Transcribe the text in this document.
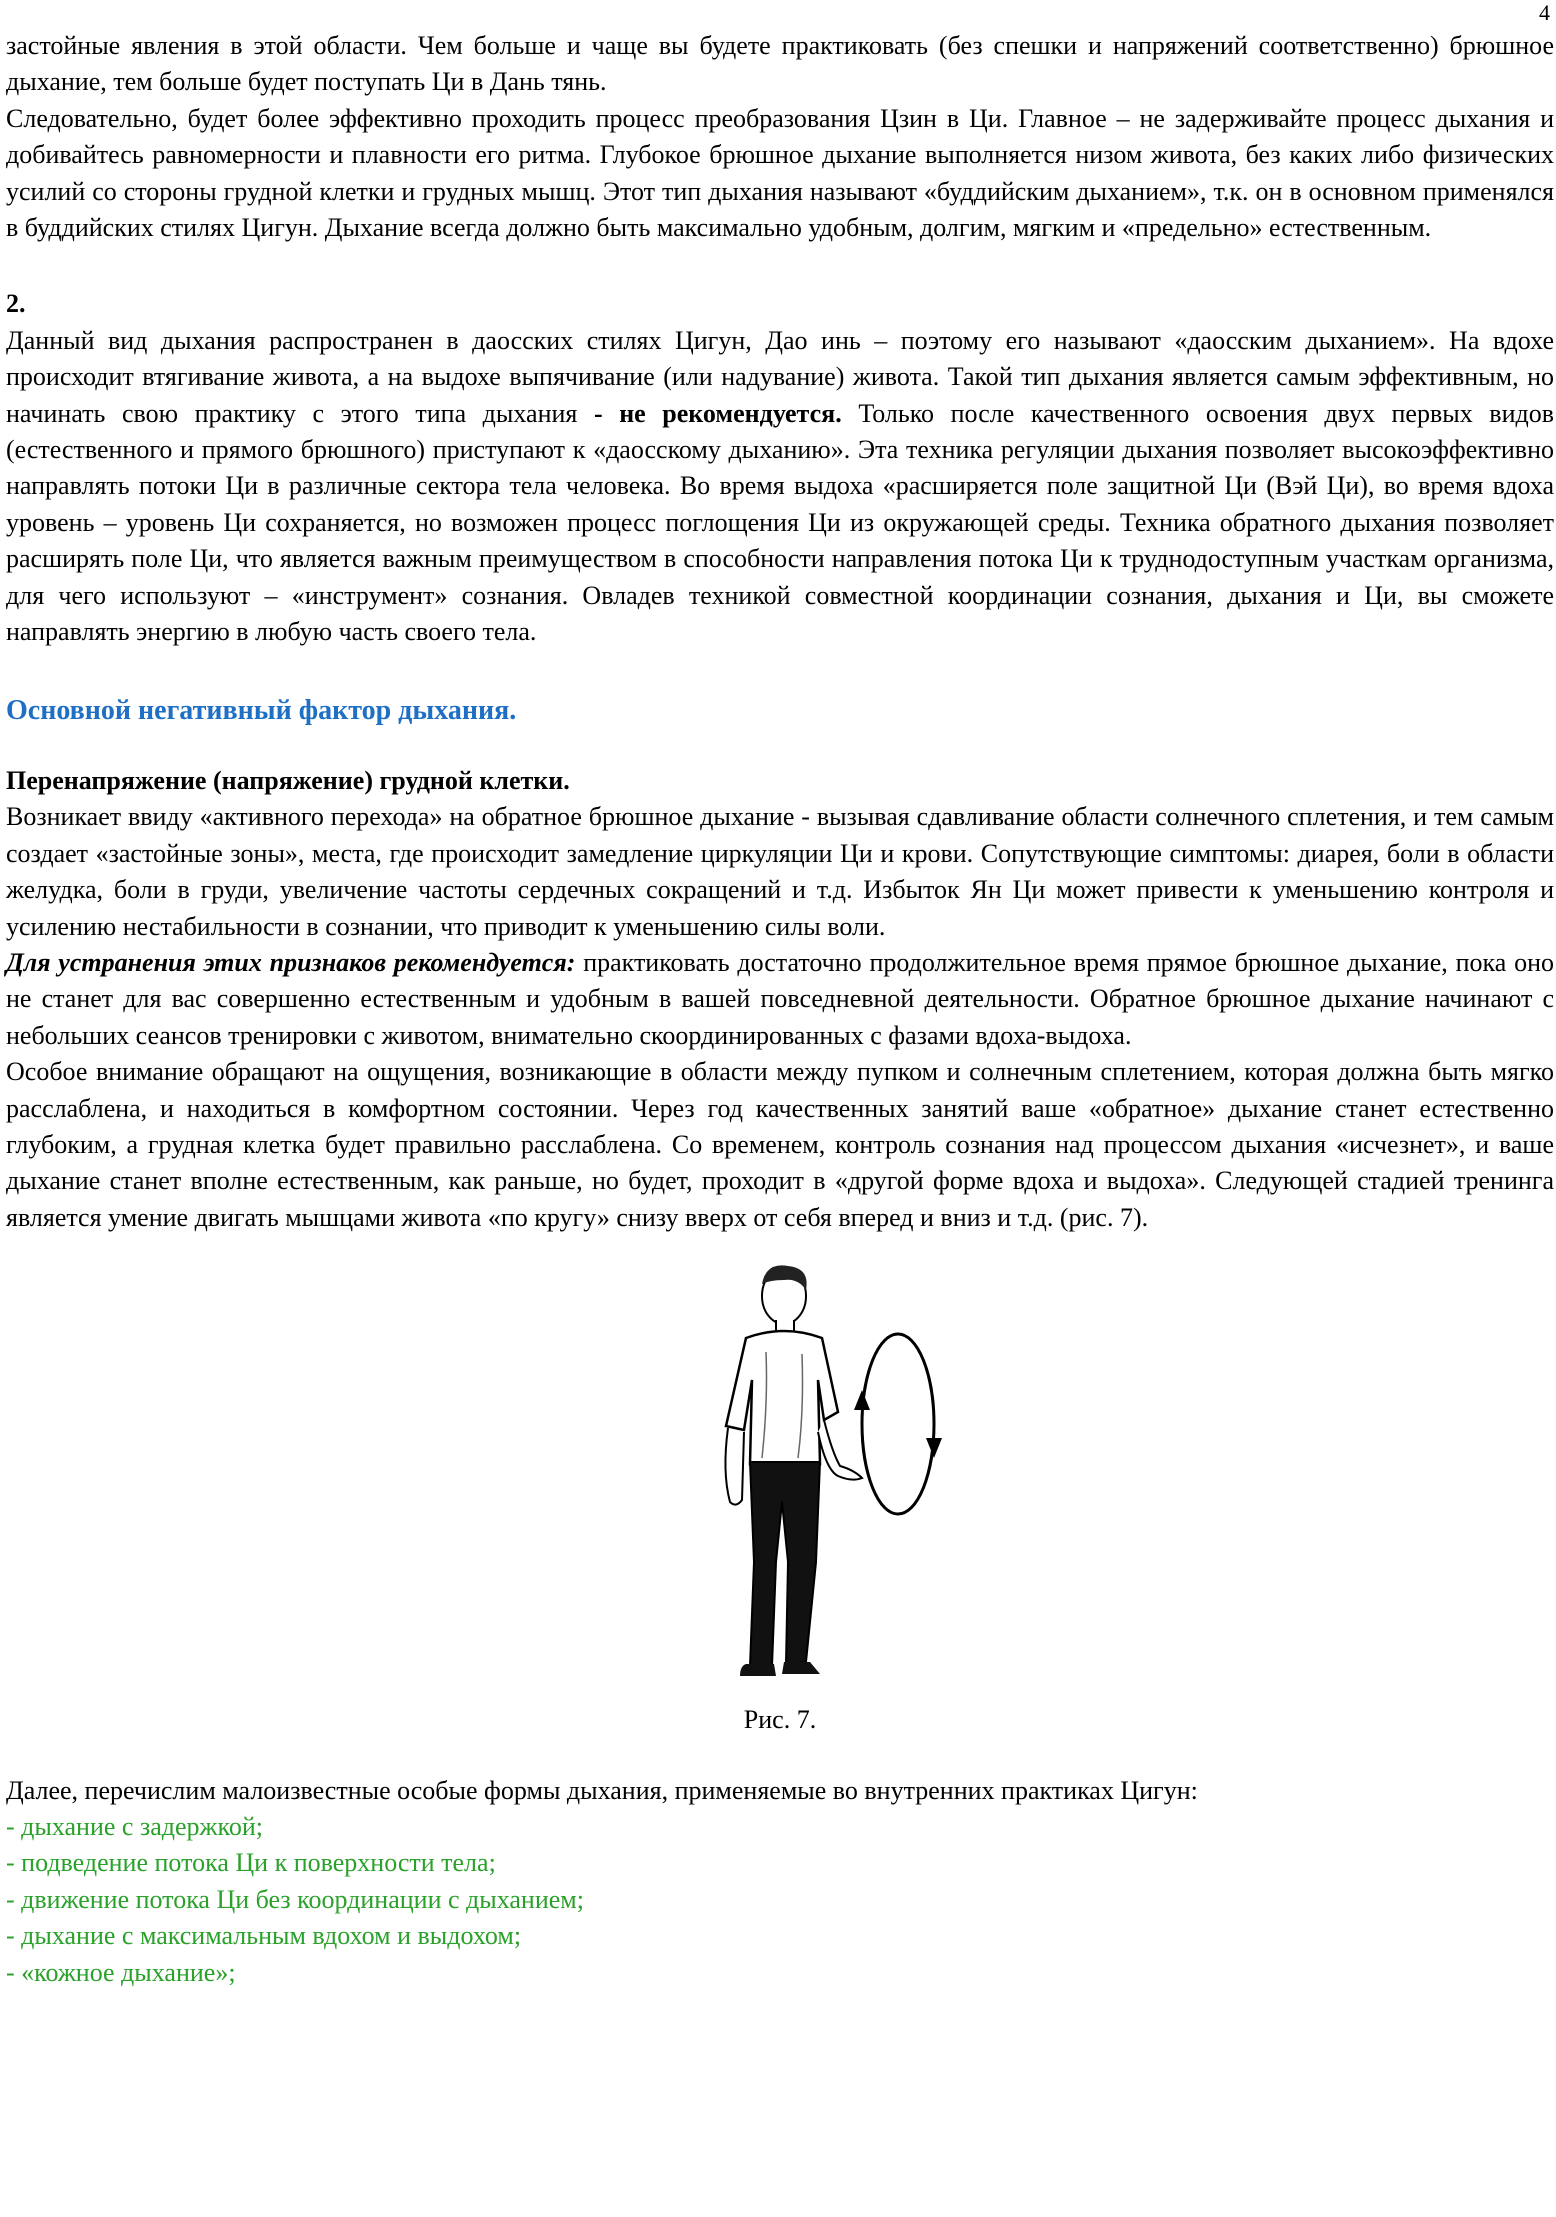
4

застойные явления в этой области. Чем больше и чаще вы будете практиковать (без спешки и напряжений соответственно) брюшное дыхание, тем больше будет поступать Ци в Дань тянь.

Следовательно, будет более эффективно проходить процесс преобразования Цзин в Ци. Главное – не задерживайте процесс дыхания и добивайтесь равномерности и плавности его ритма. Глубокое брюшное дыхание выполняется низом живота, без каких либо физических усилий со стороны грудной клетки и грудных мышц. Этот тип дыхания называют «буддийским дыханием», т.к. он в основном применялся в буддийских стилях Цигун. Дыхание всегда должно быть максимально удобным, долгим, мягким и «предельно» естественным.

2.

Данный вид дыхания распространен в даосских стилях Цигун, Дао инь – поэтому его называют «даосским дыханием». На вдохе происходит втягивание живота, а на выдохе выпячивание (или надувание) живота. Такой тип дыхания является самым эффективным, но начинать свою практику с этого типа дыхания - не рекомендуется. Только после качественного освоения двух первых видов (естественного и прямого брюшного) приступают к «даосскому дыханию». Эта техника регуляции дыхания позволяет высокоэффективно направлять потоки Ци в различные сектора тела человека. Во время выдоха «расширяется поле защитной Ци (Вэй Ци), во время вдоха уровень – уровень Ци сохраняется, но возможен процесс поглощения Ци из окружающей среды. Техника обратного дыхания позволяет расширять поле Ци, что является важным преимуществом в способности направления потока Ци к труднодоступным участкам организма, для чего используют – «инструмент» сознания. Овладев техникой совместной координации сознания, дыхания и Ци, вы сможете направлять энергию в любую часть своего тела.

Основной негативный фактор дыхания.

Перенапряжение (напряжение) грудной клетки.

Возникает ввиду «активного перехода» на обратное брюшное дыхание - вызывая сдавливание области солнечного сплетения, и тем самым создает «застойные зоны», места, где происходит замедление циркуляции Ци и крови. Сопутствующие симптомы: диарея, боли в области желудка, боли в груди, увеличение частоты сердечных сокращений и т.д. Избыток Ян Ци может привести к уменьшению контроля и усилению нестабильности в сознании, что приводит к уменьшению силы воли.

Для устранения этих признаков рекомендуется: практиковать достаточно продолжительное время прямое брюшное дыхание, пока оно не станет для вас совершенно естественным и удобным в вашей повседневной деятельности. Обратное брюшное дыхание начинают с небольших сеансов тренировки с животом, внимательно скоординированных с фазами вдоха-выдоха.

Особое внимание обращают на ощущения, возникающие в области между пупком и солнечным сплетением, которая должна быть мягко расслаблена, и находиться в комфортном состоянии. Через год качественных занятий ваше «обратное» дыхание станет естественно глубоким, а грудная клетка будет правильно расслаблена. Со временем, контроль сознания над процессом дыхания «исчезнет», и ваше дыхание станет вполне естественным, как раньше, но будет, проходит в «другой форме вдоха и выдоха». Следующей стадией тренинга является умение двигать мышцами живота «по кругу» снизу вверх от себя вперед и вниз и т.д. (рис. 7).

Рис. 7.

Далее, перечислим малоизвестные особые формы дыхания, применяемые во внутренних практиках Цигун:

- дыхание с задержкой;
- подведение потока Ци к поверхности тела;
- движение потока Ци без координации с дыханием;
- дыхание с максимальным вдохом и выдохом;
- «кожное дыхание»;
